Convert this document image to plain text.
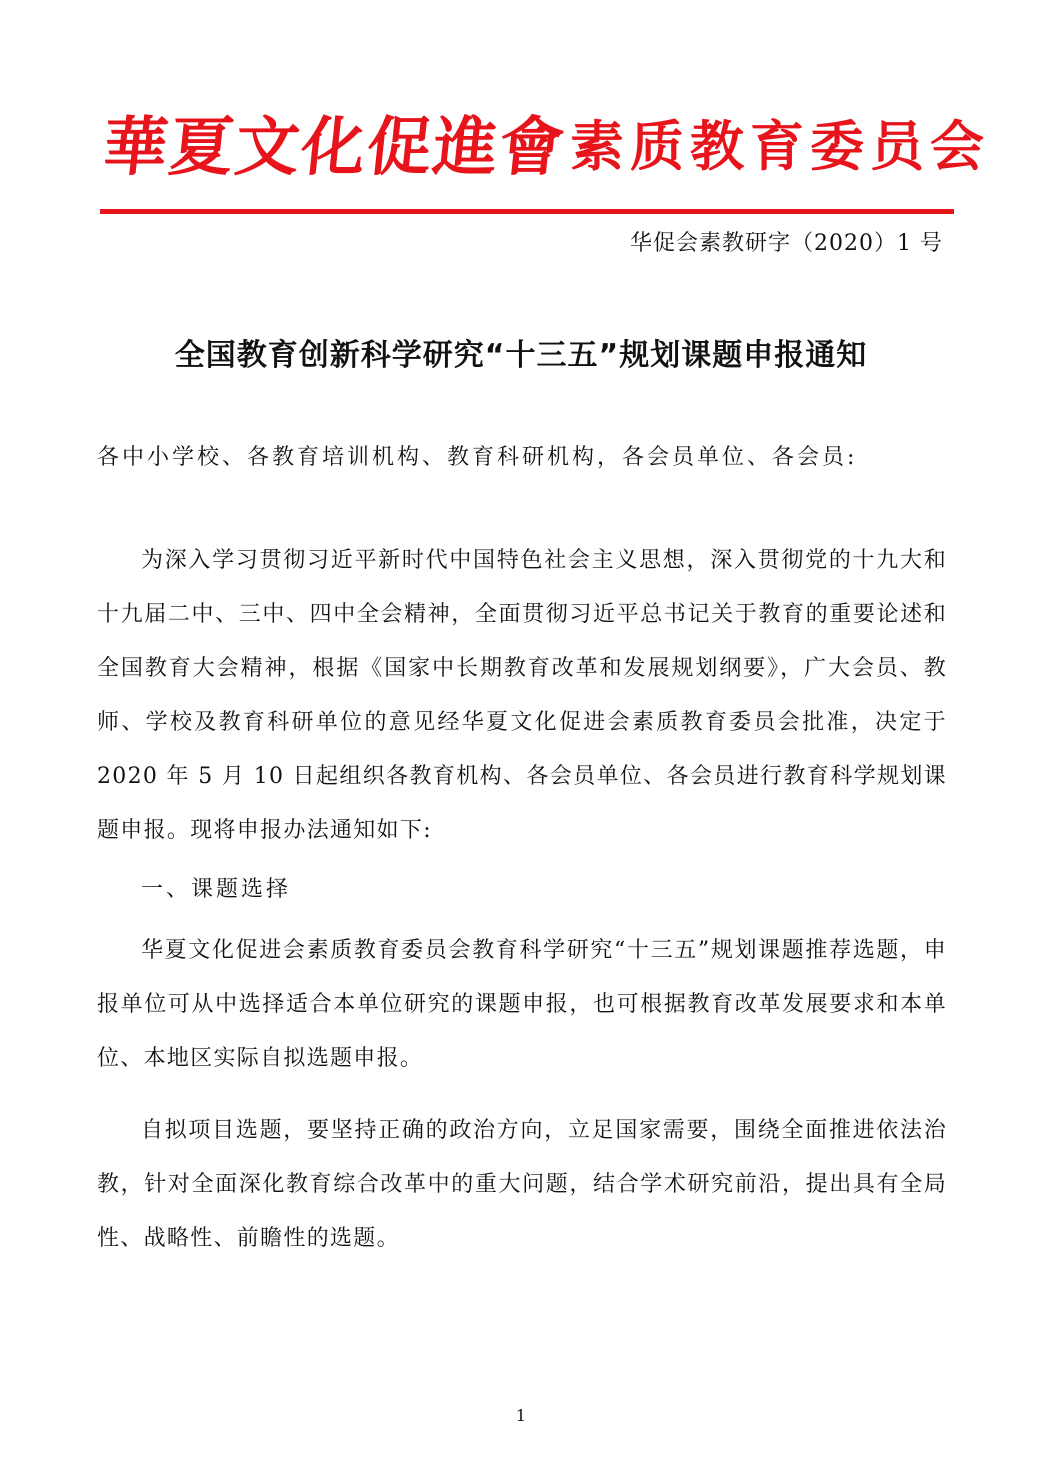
華夏文化促進會 素质教育委员会
华促会素教研字（2020）1 号
全国教育创新科学研究“十三五”规划课题申报通知
各中小学校、各教育培训机构、教育科研机构，各会员单位、各会员:

为深入学习贯彻习近平新时代中国特色社会主义思想，深入贯彻党的十九大和十九届二中、三中、四中全会精神，全面贯彻习近平总书记关于教育的重要论述和全国教育大会精神，根据《国家中长期教育改革和发展规划纲要》，广大会员、教师、学校及教育科研单位的意见经华夏文化促进会素质教育委员会批准，决定于 2020 年 5 月 10 日起组织各教育机构、各会员单位、各会员进行教育科学规划课题申报。现将申报办法通知如下:

一、课题选择

华夏文化促进会素质教育委员会教育科学研究“十三五”规划课题推荐选题，申报单位可从中选择适合本单位研究的课题申报，也可根据教育改革发展要求和本单位、本地区实际自拟选题申报。

自拟项目选题，要坚持正确的政治方向，立足国家需要，围绕全面推进依法治教，针对全面深化教育综合改革中的重大问题，结合学术研究前沿，提出具有全局性、战略性、前瞻性的选题。

1
